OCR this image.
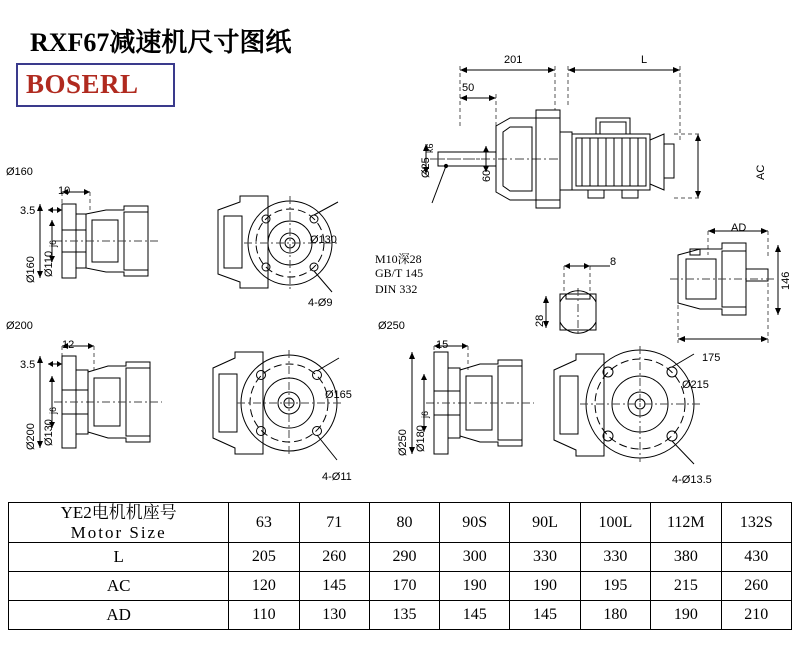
RXF67减速机尺寸图纸
BOSERL
201	L
50
Ø25
k6
60	AC
M10深28
GB/T 145
DIN 332
8
28
AD
146
175
Ø160
10
3.5
Ø160 Ø110
j6	Ø130
4-Ø9
Ø200
12
3.5
Ø200 Ø130
j6
Ø165
4-Ø11
Ø250
15
Ø250 Ø180
j6
Ø215
4-Ø13.5
YE2电机机座号
Motor Size	63	71	80	90S	90L	100L	112M	132S
L	205	260	290	300	330	330	380	430
AC	120	145	170	190	190	195	215	260
AD	110	130	135	145	145	180	190	210
